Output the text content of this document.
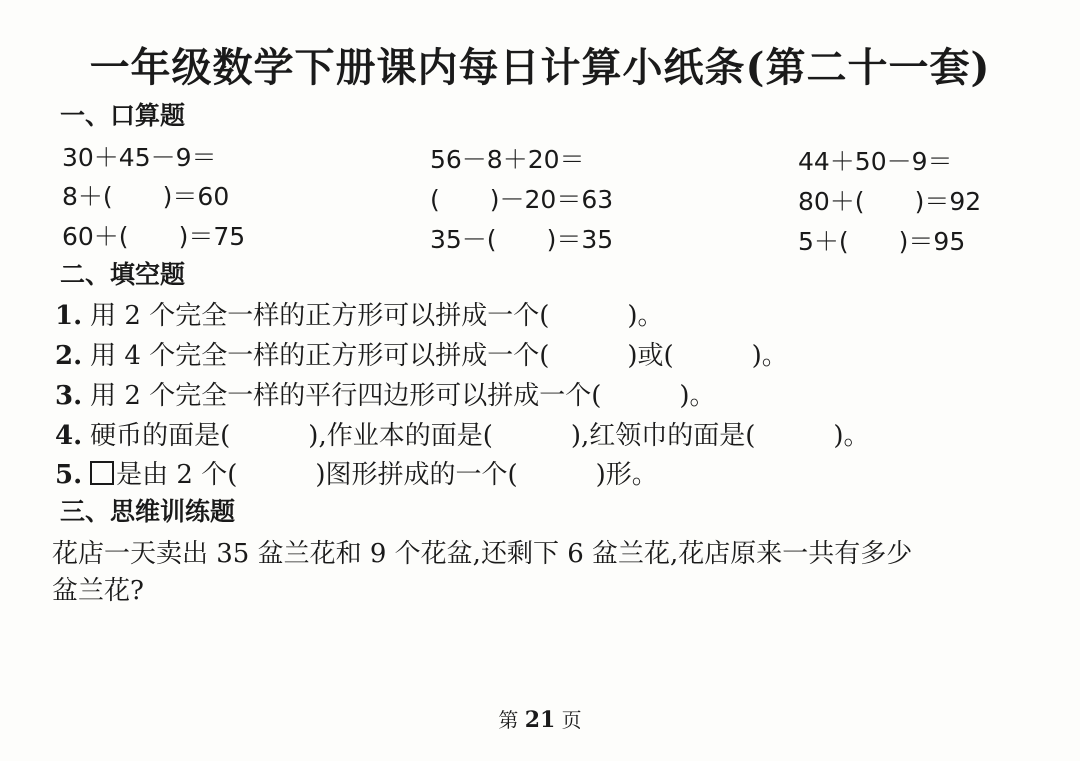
一年级数学下册课内每日计算小纸条(第二十一套)
一、口算题
30＋45－9＝	56－8＋20＝	44＋50－9＝
8＋(　　)＝60	(　　)－20＝63	80＋(　　)＝92
60＋(　　)＝75	35－(　　)＝35	5＋(　　)＝95
二、填空题
1. 用 2 个完全一样的正方形可以拼成一个(　　　)。
2. 用 4 个完全一样的正方形可以拼成一个(　　　)或(　　　)。
3. 用 2 个完全一样的平行四边形可以拼成一个(　　　)。
4. 硬币的面是(　　　),作业本的面是(　　　),红领巾的面是(　　　)。
5. 是由 2 个(　　　)图形拼成的一个(　　　)形。
三、思维训练题
花店一天卖出 35 盆兰花和 9 个花盆,还剩下 6 盆兰花,花店原来一共有多少
盆兰花?
第 21 页
